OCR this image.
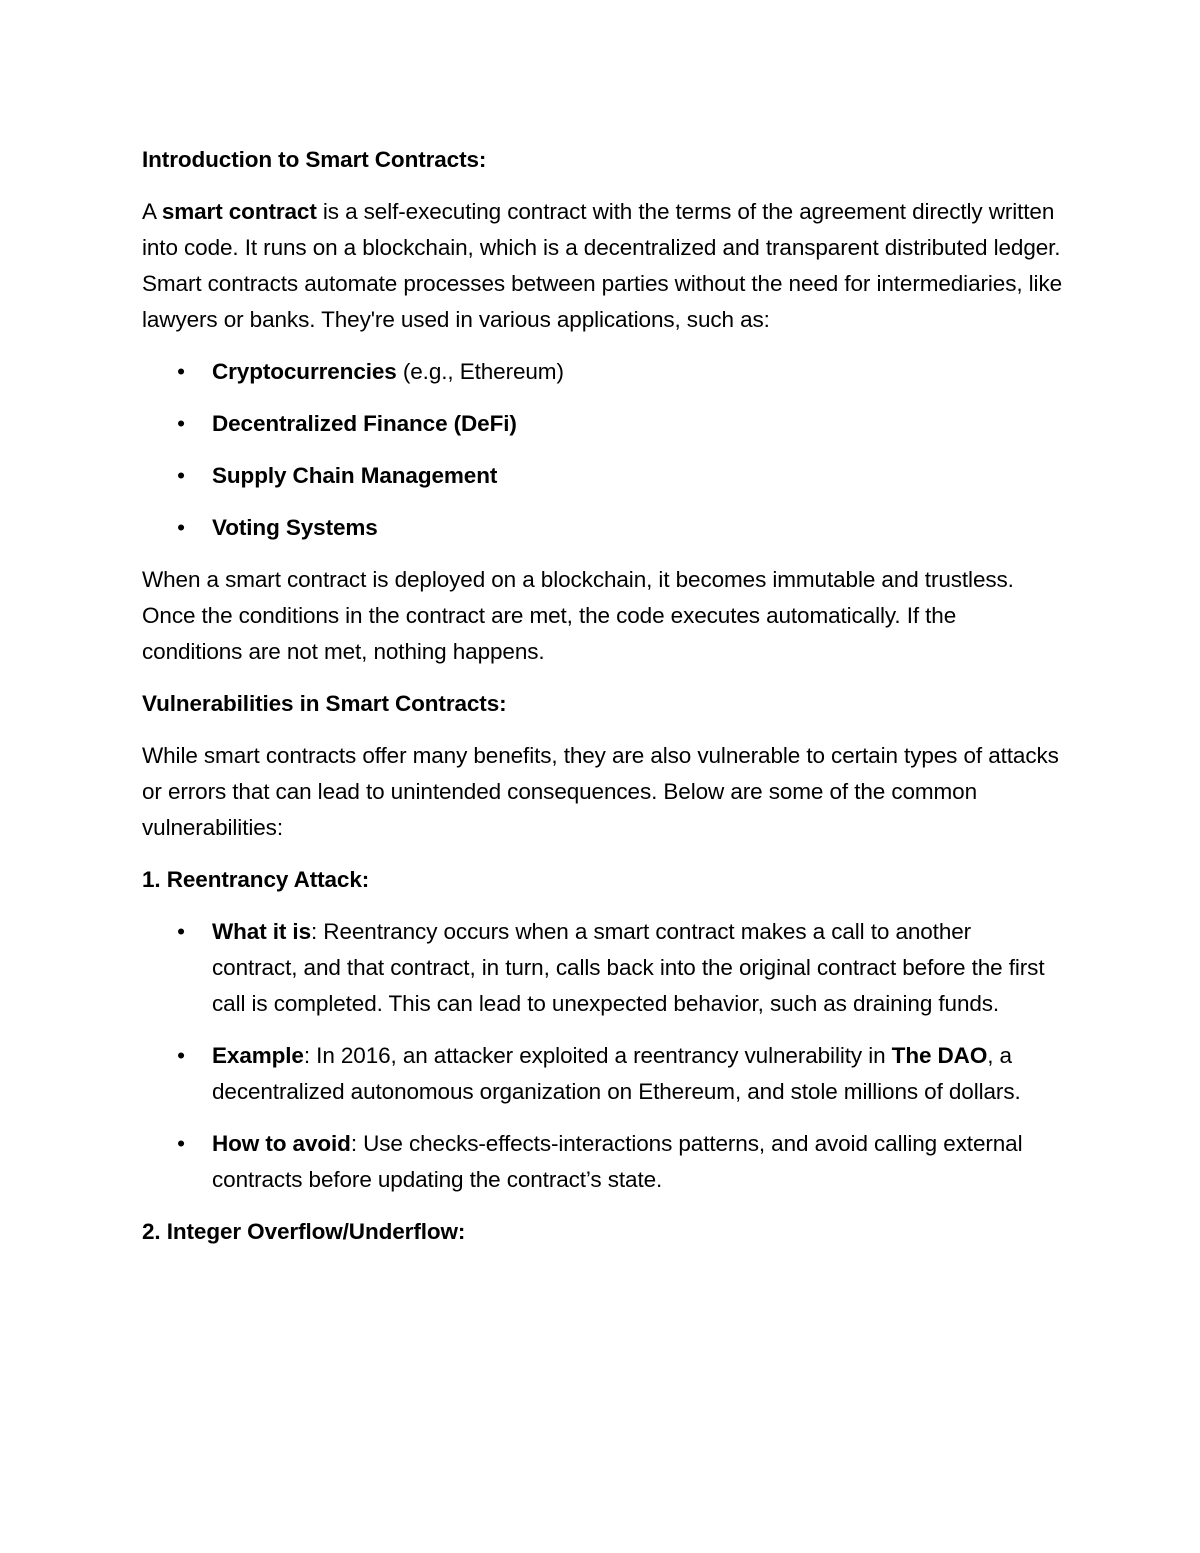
Introduction to Smart Contracts:

A smart contract is a self-executing contract with the terms of the agreement directly written into code. It runs on a blockchain, which is a decentralized and transparent distributed ledger. Smart contracts automate processes between parties without the need for intermediaries, like lawyers or banks. They're used in various applications, such as:

• Cryptocurrencies (e.g., Ethereum)
• Decentralized Finance (DeFi)
• Supply Chain Management
• Voting Systems

When a smart contract is deployed on a blockchain, it becomes immutable and trustless. Once the conditions in the contract are met, the code executes automatically. If the conditions are not met, nothing happens.

Vulnerabilities in Smart Contracts:

While smart contracts offer many benefits, they are also vulnerable to certain types of attacks or errors that can lead to unintended consequences. Below are some of the common vulnerabilities:

1. Reentrancy Attack:

• What it is: Reentrancy occurs when a smart contract makes a call to another contract, and that contract, in turn, calls back into the original contract before the first call is completed. This can lead to unexpected behavior, such as draining funds.
• Example: In 2016, an attacker exploited a reentrancy vulnerability in The DAO, a decentralized autonomous organization on Ethereum, and stole millions of dollars.
• How to avoid: Use checks-effects-interactions patterns, and avoid calling external contracts before updating the contract’s state.

2. Integer Overflow/Underflow:
